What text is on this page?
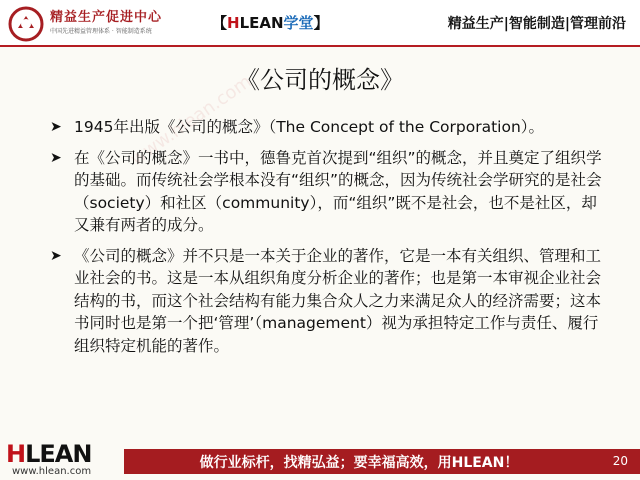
精益生产促进中心
中国先进精益管理体系 · 智能制造系统	【HLEAN学堂】	精益生产|智能制造|管理前沿
www.hlean.com
《公司的概念》
➤ 1945年出版《公司的概念》（The Concept of the Corporation）。
➤ 在《公司的概念》一书中，德鲁克首次提到“组织”的概念，并且奠定了组织学的基础。而传统社会学根本没有“组织”的概念，因为传统社会学研究的是社会（society）和社区（community），而“组织”既不是社会，也不是社区，却又兼有两者的成分。
➤ 《公司的概念》并不只是一本关于企业的著作，它是一本有关组织、管理和工业社会的书。这是一本从组织角度分析企业的著作；也是第一本审视企业社会结构的书，而这个社会结构有能力集合众人之力来满足众人的经济需要；这本书同时也是第一个把‘管理’（management）视为承担特定工作与责任、履行组织特定机能的著作。
HLEAN
www.hlean.com
做行业标杆，找精弘益；要幸福高效，用HLEAN！	20
